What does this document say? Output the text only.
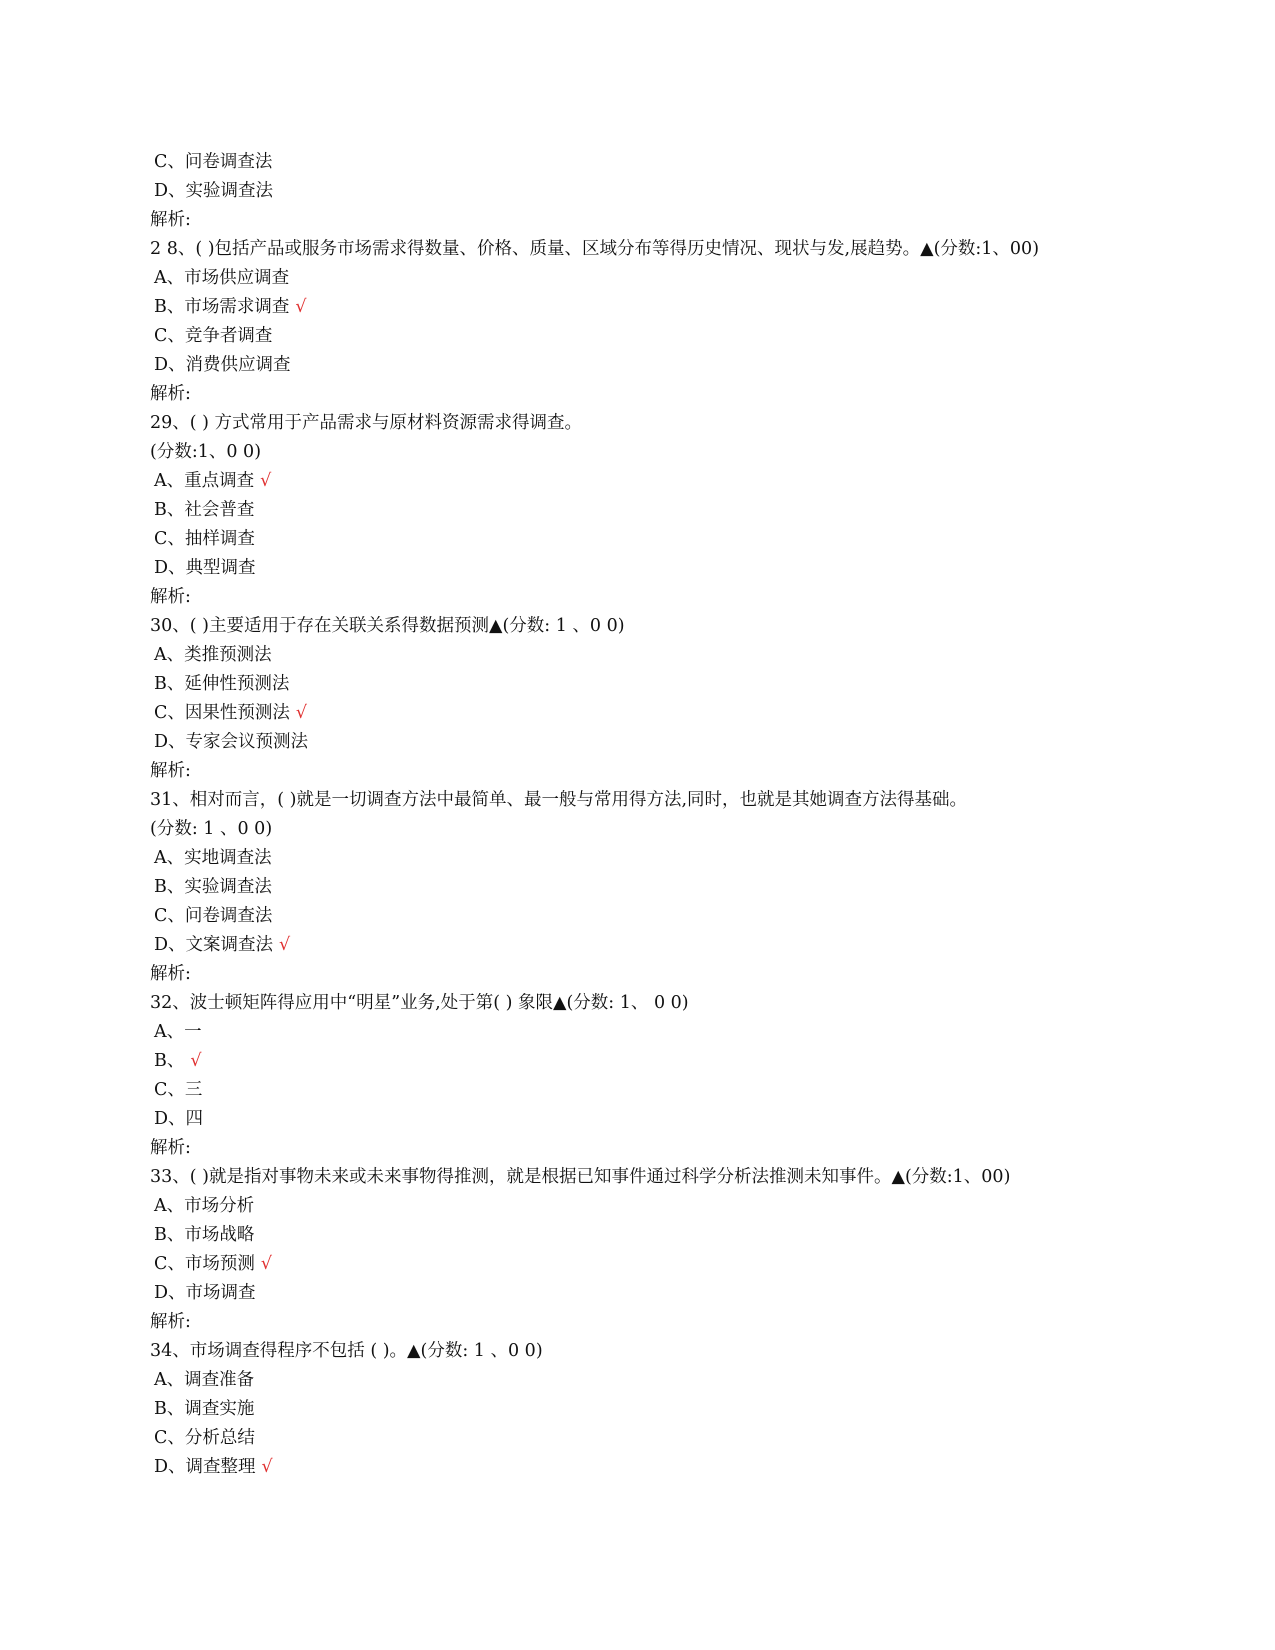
C、问卷调查法
D、实验调查法
解析:
2 8、( )包括产品或服务市场需求得数量、价格、质量、区域分布等得历史情况、现状与发,展趋势。▲(分数:1、00)
A、市场供应调查
B、市场需求调查 √
C、竞争者调查
D、消费供应调查
解析:
29、( ) 方式常用于产品需求与原材料资源需求得调查。
(分数:1、0 0)
A、重点调查 √
B、社会普查
C、抽样调查
D、典型调查
解析:
30、( )主要适用于存在关联关系得数据预测▲(分数: 1 、0 0)
A、类推预测法
B、延伸性预测法
C、因果性预测法 √
D、专家会议预测法
解析:
31、相对而言，( )就是一切调查方法中最简单、最一般与常用得方法,同时，也就是其她调查方法得基础。
(分数: 1 、0 0)
A、实地调查法
B、实验调查法
C、问卷调查法
D、文案调查法 √
解析:
32、波士顿矩阵得应用中“明星”业务,处于第( ) 象限▲(分数: 1、 0 0)
A、一
B、 √
C、三
D、四
解析:
33、( )就是指对事物未来或未来事物得推测，就是根据已知事件通过科学分析法推测未知事件。▲(分数:1、00)
A、市场分析
B、市场战略
C、市场预测 √
D、市场调查
解析:
34、市场调查得程序不包括 ( )。▲(分数: 1 、0 0)
A、调查准备
B、调查实施
C、分析总结
D、调查整理 √
